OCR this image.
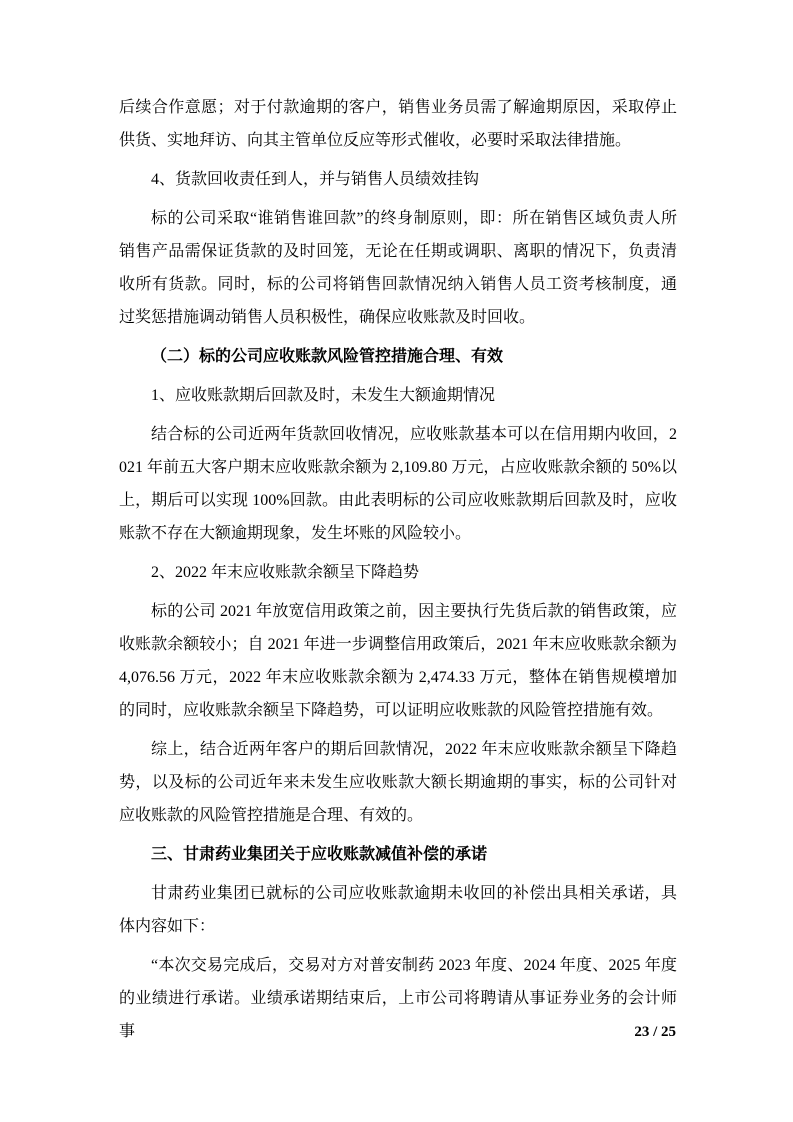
后续合作意愿；对于付款逾期的客户，销售业务员需了解逾期原因，采取停止供货、实地拜访、向其主管单位反应等形式催收，必要时采取法律措施。

4、货款回收责任到人，并与销售人员绩效挂钩

标的公司采取“谁销售谁回款”的终身制原则，即：所在销售区域负责人所销售产品需保证货款的及时回笼，无论在任期或调职、离职的情况下，负责清收所有货款。同时，标的公司将销售回款情况纳入销售人员工资考核制度，通过奖惩措施调动销售人员积极性，确保应收账款及时回收。

（二）标的公司应收账款风险管控措施合理、有效

1、应收账款期后回款及时，未发生大额逾期情况

结合标的公司近两年货款回收情况，应收账款基本可以在信用期内收回，2021 年前五大客户期末应收账款余额为 2,109.80 万元，占应收账款余额的 50%以上，期后可以实现 100%回款。由此表明标的公司应收账款期后回款及时，应收账款不存在大额逾期现象，发生坏账的风险较小。

2、2022 年末应收账款余额呈下降趋势

标的公司 2021 年放宽信用政策之前，因主要执行先货后款的销售政策，应收账款余额较小；自 2021 年进一步调整信用政策后，2021 年末应收账款余额为 4,076.56 万元，2022 年末应收账款余额为 2,474.33 万元，整体在销售规模增加的同时，应收账款余额呈下降趋势，可以证明应收账款的风险管控措施有效。

综上，结合近两年客户的期后回款情况，2022 年末应收账款余额呈下降趋势，以及标的公司近年来未发生应收账款大额长期逾期的事实，标的公司针对应收账款的风险管控措施是合理、有效的。

三、甘肃药业集团关于应收账款减值补偿的承诺

甘肃药业集团已就标的公司应收账款逾期未收回的补偿出具相关承诺，具体内容如下：

“本次交易完成后，交易对方对普安制药 2023 年度、2024 年度、2025 年度的业绩进行承诺。业绩承诺期结束后，上市公司将聘请从事证券业务的会计师事	23 / 25
